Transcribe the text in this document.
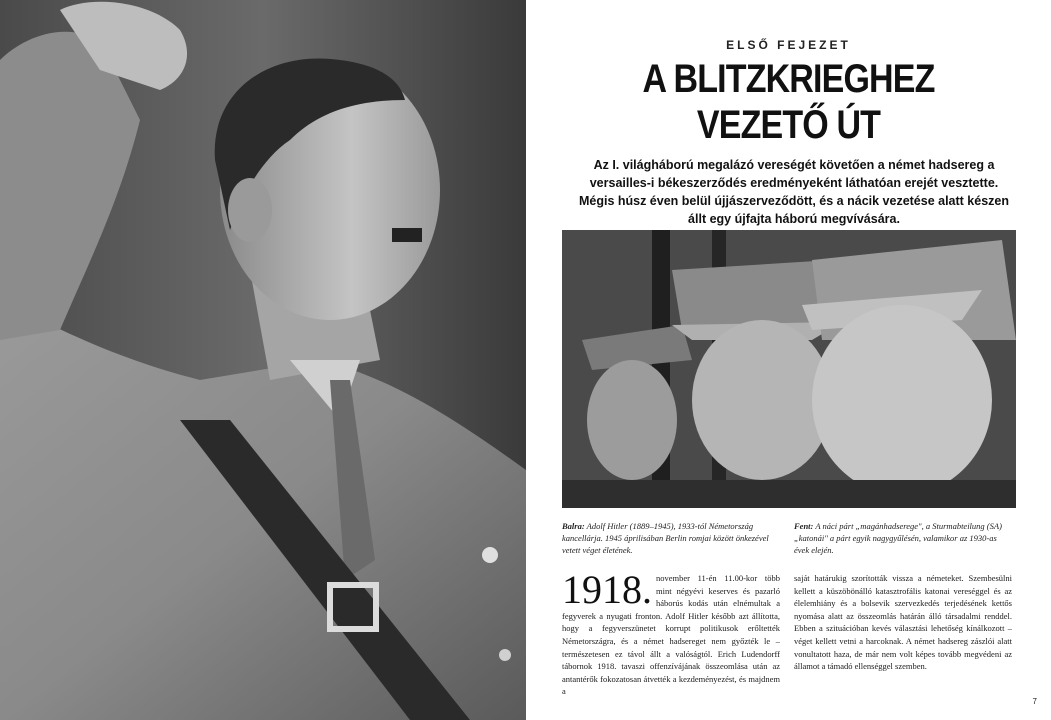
ELSŐ FEJEZET
A BLITZKRIEGHEZ
VEZETŐ ÚT
Az I. világháború megalázó vereségét követően a német hadsereg a versailles-i békeszerződés eredményeként láthatóan erejét vesztette. Mégis húsz éven belül újjászerveződött, és a nácik vezetése alatt készen állt egy újfajta háború megvívására.
Balra: Adolf Hitler (1889–1945), 1933-tól Németország kancellárja. 1945 áprilisában Berlin romjai között önkezével vetett véget életének.
Fent: A náci párt „magánhadserege", a Sturmabteilung (SA) „katonái" a párt egyik nagygyűlésén, valamikor az 1930-as évek elején.
1918. november 11-én 11.00-kor több mint négyévi keserves és pazarló háborús kodás után elnémultak a fegyverek a nyugati fronton. Adolf Hitler később azt állította, hogy a fegyverszünetet korrupt politikusok erőltették Németországra, és a német hadsereget nem győzték le – természetesen ez távol állt a valóságtól. Erich Ludendorff tábornok 1918. tavaszi offenzívájának összeomlása után az antantérők fokozatosan átvették a kezdeményezést, és majdnem a
saját határukig szorították vissza a németeket. Szembesülni kellett a küszöbönálló katasztrofális katonai vereséggel és az élelemhiány és a bolsevik szervezkedés terjedésének kettős nyomása alatt az összeomlás határán álló társadalmi renddel. Ebben a szituációban kevés választási lehetőség kínálkozott – véget kellett vetni a harcoknak. A német hadsereg zászlói alatt vonultatott haza, de már nem volt képes tovább megvédeni az államot a támadó ellenséggel szemben.
7
